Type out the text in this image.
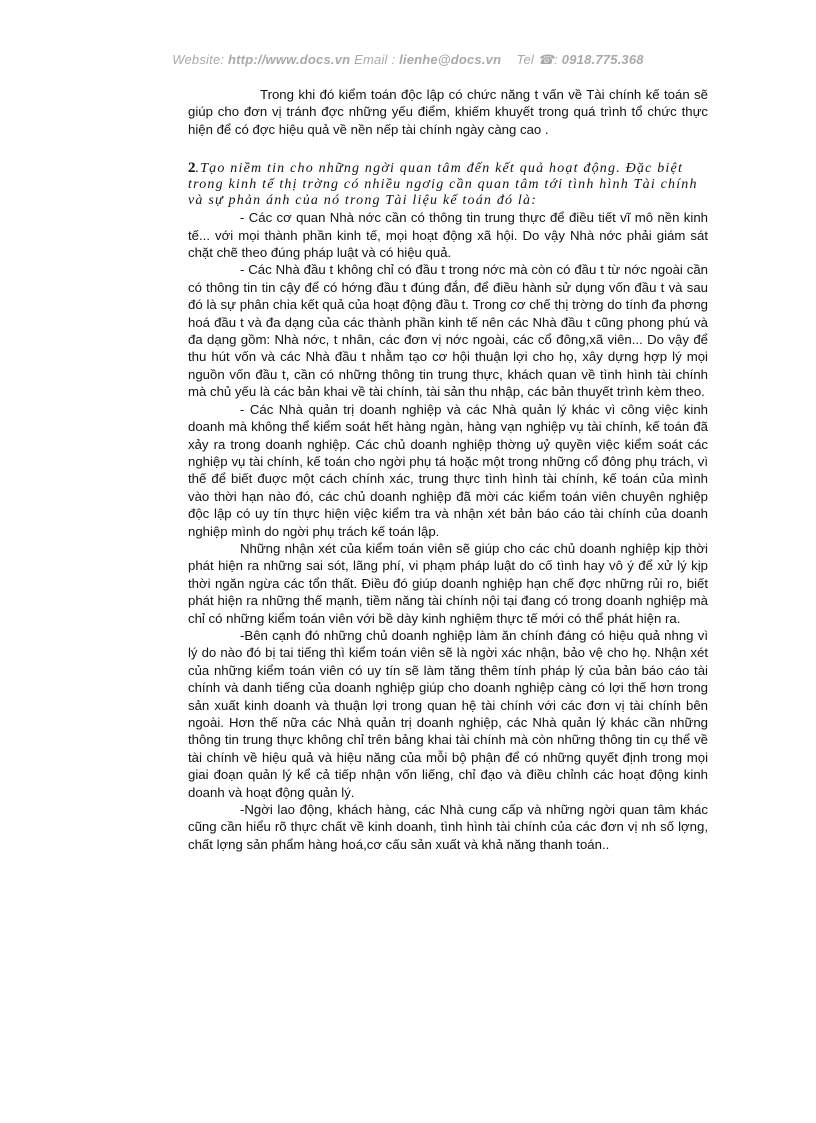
Website: http://www.docs.vn Email : lienhe@docs.vn Tel ☎: 0918.775.368

Trong khi đó kiểm toán độc lập có chức năng t vấn về Tài chính kế toán sẽ giúp cho đơn vị tránh đợc những yếu điểm, khiếm khuyết trong quá trình tổ chức thực hiện để có đợc hiệu quả về nền nếp tài chính ngày càng cao .

2.Tạo niềm tin cho những ngời quan tâm đến kết quả hoạt động. Đặc biệt trong kinh tế thị trờng có nhiều ngơig cần quan tâm tới tình hình Tài chính và sự phản ánh của nó trong Tài liệu kế toán đó là:

- Các cơ quan Nhà nớc cần có thông tin trung thực để điều tiết vĩ mô nền kinh tế... với mọi thành phần kinh tế, mọi hoạt động xã hội. Do vậy Nhà nớc phải giám sát chặt chẽ theo đúng pháp luật và có hiệu quả.

- Các Nhà đầu t không chỉ có đầu t trong nớc mà còn có đầu t từ nớc ngoài cần có thông tin tin cậy để có hớng đầu t đúng đắn, để điều hành sử dụng vốn đầu t và sau đó là sự phân chia kết quả của hoạt động đầu t. Trong cơ chế thị trờng do tính đa phơng hoá đầu t và đa dạng của các thành phần kinh tế nên các Nhà đầu t cũng phong phú và đa dạng gồm: Nhà nớc, t nhân, các đơn vị nớc ngoài, các cổ đông,xã viên... Do vậy để thu hút vốn và các Nhà đầu t nhằm tạo cơ hội thuận lợi cho họ, xây dựng hợp lý mọi nguồn vốn đầu t, cần có những thông tin trung thực, khách quan về tình hình tài chính mà chủ yếu là các bản khai về tài chính, tài sản thu nhập, các bản thuyết trình kèm theo.

- Các Nhà quản trị doanh nghiệp và các Nhà quản lý khác vì công việc kinh doanh mà không thể kiểm soát hết hàng ngàn, hàng vạn nghiệp vụ tài chính, kế toán đã xảy ra trong doanh nghiệp. Các chủ doanh nghiệp thờng uỷ quyền việc kiểm soát các nghiệp vụ tài chính, kế toán cho ngời phụ tá hoặc một trong những cổ đông phụ trách, vì thế để biết đuợc một cách chính xác, trung thực tình hình tài chính, kế toán của mình vào thời hạn nào đó, các chủ doanh nghiệp đã mời các kiểm toán viên chuyên nghiệp độc lập có uy tín thực hiện việc kiểm tra và nhận xét bản báo cáo tài chính của doanh nghiệp mình do ngời phụ trách kế toán lập.

Những nhận xét của kiểm toán viên sẽ giúp cho các chủ doanh nghiệp kịp thời phát hiện ra những sai sót, lãng phí, vi phạm pháp luật do cố tình hay vô ý để xử lý kịp thời ngăn ngừa các tổn thất. Điều đó giúp doanh nghiệp hạn chế đợc những rủi ro, biết phát hiện ra những thế mạnh, tiềm năng tài chính nội tại đang có trong doanh nghiệp mà chỉ có những kiểm toán viên với bề dày kinh nghiệm thực tế mới có thể phát hiện ra.

-Bên cạnh đó những chủ doanh nghiệp làm ăn chính đáng có hiệu quả nhng vì lý do nào đó bị tai tiếng thì kiểm toán viên sẽ là ngời xác nhận, bảo vệ cho họ. Nhận xét của những kiểm toán viên có uy tín sẽ làm tăng thêm tính pháp lý của bản báo cáo tài chính và danh tiếng của doanh nghiệp giúp cho doanh nghiệp càng có lợi thế hơn trong sản xuất kinh doanh và thuận lợi trong quan hệ tài chính với các đơn vị tài chính bên ngoài. Hơn thế nữa các Nhà quản trị doanh nghiệp, các Nhà quản lý khác cần những thông tin trung thực không chỉ trên bảng khai tài chính mà còn những thông tin cụ thể về tài chính về hiệu quả và hiệu năng của mỗi bộ phận để có những quyết định trong mọi giai đoạn quản lý kể cả tiếp nhận vốn liếng, chỉ đạo và điều chỉnh các hoạt động kinh doanh và hoạt động quản lý.

-Ngời lao động, khách hàng, các Nhà cung cấp và những ngời quan tâm khác cũng cần hiểu rõ thực chất về kinh doanh, tình hình tài chính của các đơn vị nh số lợng, chất lợng sản phẩm hàng hoá,cơ cấu sản xuất và khả năng thanh toán..
